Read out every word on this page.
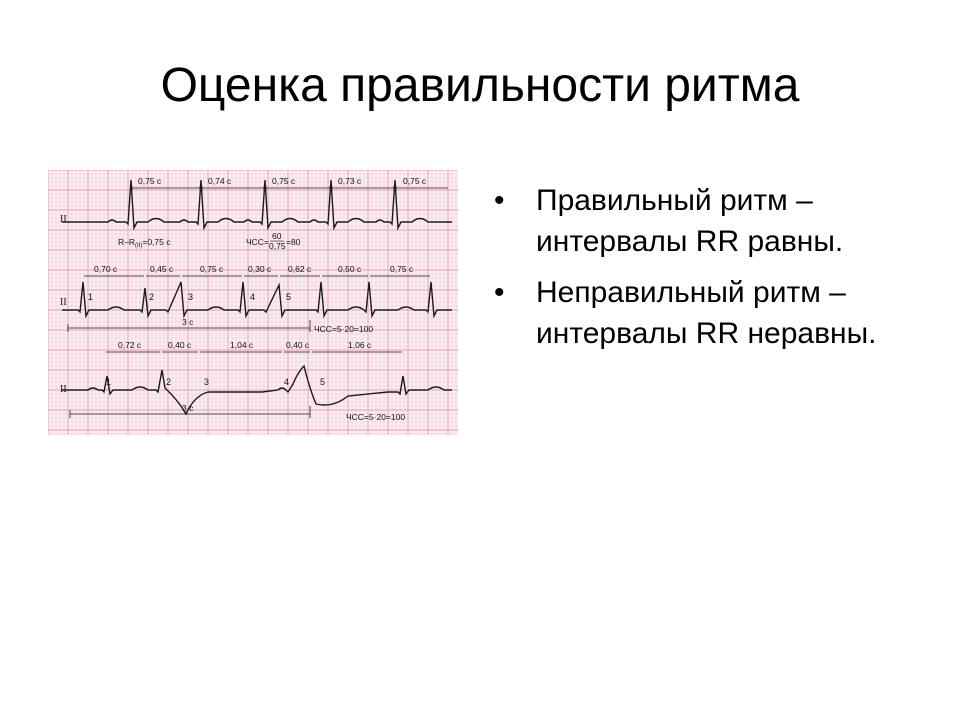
Оценка правильности ритма
II
0,75 с	0,74 с	0,75 с	0,73 с	0,75 с
$R-R_{(II)}=0,75$ с	ЧСС=
60
0,75 =80
II
0,70 с	0,45 с	0,75 с	0,30 с 0,62 с	0,50 с	0,75 с
1	2	3	4	5
3 с
ЧСС=5·20=100
II
0,72 с	0,40 с	1,04 с	0,40 с	1,06 с
1	2	3	4	5
3 с
ЧСС=5·20=100
• Правильный ритм – интервалы RR равны.
• Неправильный ритм – интервалы RR неравны.
